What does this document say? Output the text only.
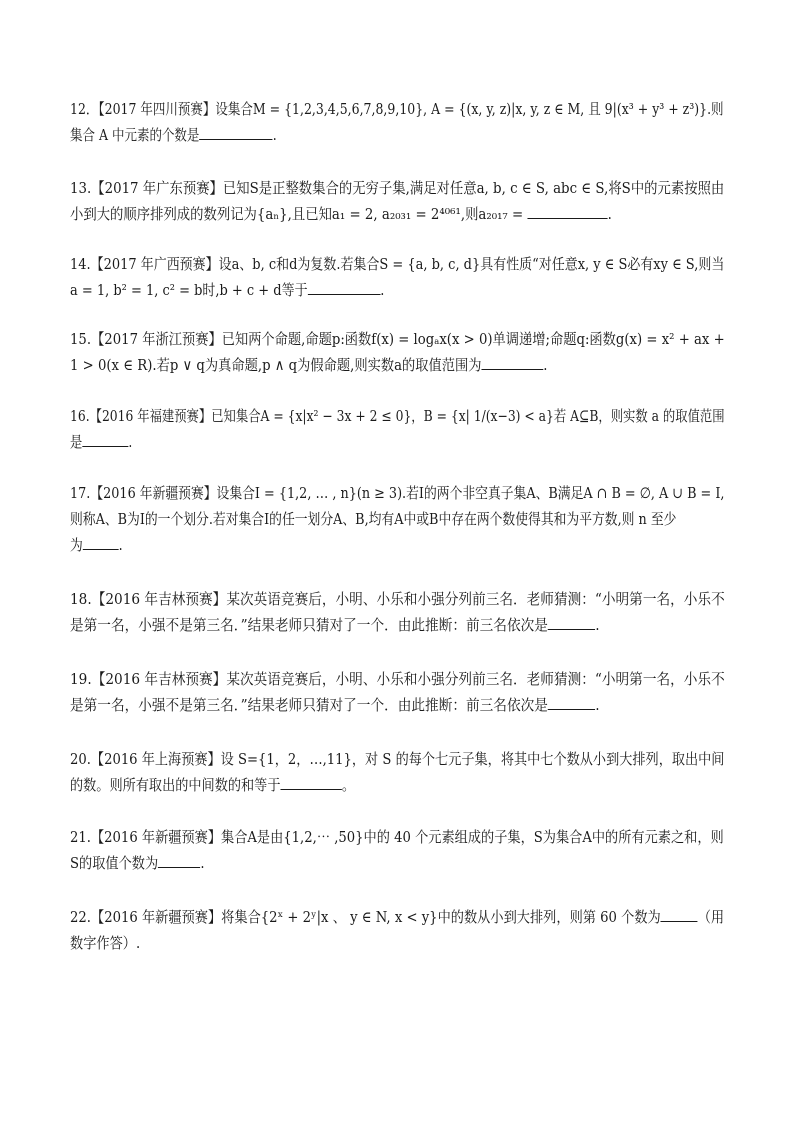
12．【2017 年四川预赛】设集合M = {1,2,3,4,5,6,7,8,9,10}, A = {(x, y, z)|x, y, z ∈ M, 且 9|(x³ + y³ + z³)}.则
集合 A 中元素的个数是	.
13.【2017 年广东预赛】已知S是正整数集合的无穷子集,满足对任意a, b, c ∈ S, abc ∈ S,将S中的元素按照由
小到大的顺序排列成的数列记为{aₙ},且已知a₁ = 2, a₂₀₃₁ = 2⁴⁰⁶¹,则a₂₀₁₇ =	.
14.【2017 年广西预赛】设a、b, c和d为复数.若集合S = {a, b, c, d}具有性质“对任意x, y ∈ S必有xy ∈ S,则当
a = 1, b² = 1, c² = b时,b + c + d等于	.
15.【2017 年浙江预赛】已知两个命题,命题p:函数f(x) = logₐx(x > 0)单调递增;命题q:函数g(x) = x² + ax +
1 > 0(x ∈ R).若p ∨ q为真命题,p ∧ q为假命题,则实数a的取值范围为	.
16.【2016 年福建预赛】已知集合A = {x|x² − 3x + 2 ≤ 0}，B = {x| 1/(x−3) < a}若 A⊆B，则实数 a 的取值范围
是	.
17.【2016 年新疆预赛】设集合I = {1,2, … , n}(n ≥ 3).若I的两个非空真子集A、B满足A ∩ B = ∅, A ∪ B = I,
则称A、B为I的一个划分.若对集合I的任一划分A、B,均有A中或B中存在两个数使得其和为平方数,则 n 至少
为 .
18.【2016 年吉林预赛】某次英语竞赛后，小明、小乐和小强分列前三名．老师猜测：“小明第一名，小乐不
是第一名，小强不是第三名．”结果老师只猜对了一个．由此推断：前三名依次是	.
19.【2016 年吉林预赛】某次英语竞赛后，小明、小乐和小强分列前三名．老师猜测：“小明第一名，小乐不
是第一名，小强不是第三名．”结果老师只猜对了一个．由此推断：前三名依次是	.
20.【2016 年上海预赛】设 S={1，2，…,11}，对 S 的每个七元子集，将其中七个数从小到大排列，取出中间
的数。则所有取出的中间数的和等于	。
21.【2016 年新疆预赛】集合A是由{1,2,⋯ ,50}中的 40 个元素组成的子集，S为集合A中的所有元素之和，则
S的取值个数为	.
22.【2016 年新疆预赛】将集合{2ˣ + 2ʸ|x 、 y ∈ N, x < y}中的数从小到大排列，则第 60 个数为 （用
数字作答）.
